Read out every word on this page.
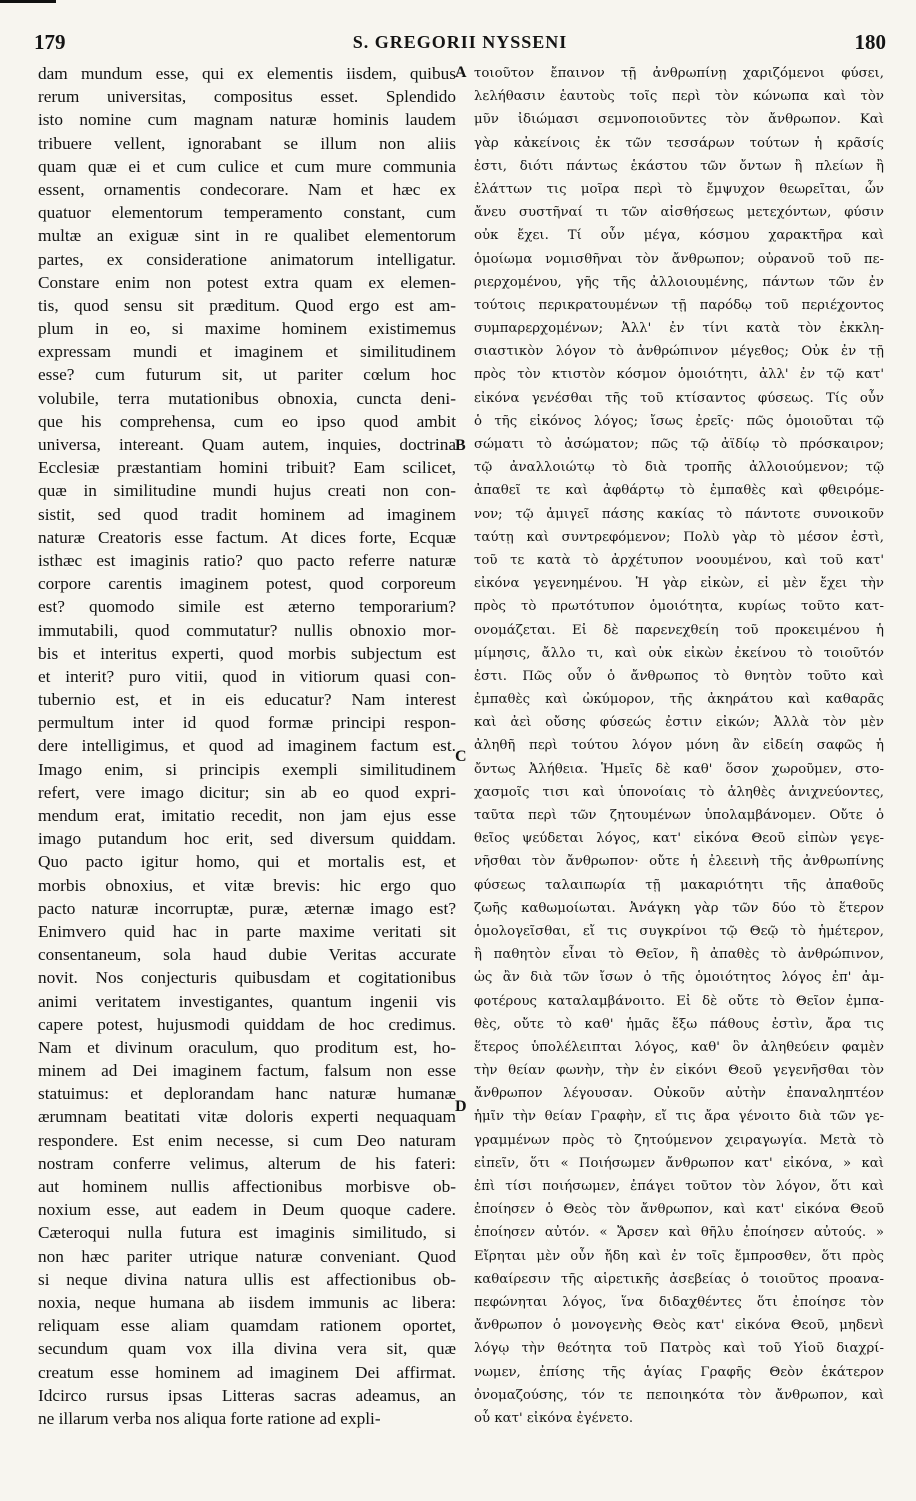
179	S. GREGORII NYSSENI	180
dam mundum esse, qui ex elementis iisdem, quibus
rerum universitas, compositus esset. Splendido
isto nomine cum magnam naturæ hominis laudem
tribuere vellent, ignorabant se illum non aliis
quam quæ ei et cum culice et cum mure communia
essent, ornamentis condecorare. Nam et hæc ex
quatuor elementorum temperamento constant, cum
multæ an exiguæ sint in re qualibet elementorum
partes, ex consideratione animatorum intelligatur.
Constare enim non potest extra quam ex elemen-
tis, quod sensu sit præditum. Quod ergo est am-
plum in eo, si maxime hominem existimemus
expressam mundi et imaginem et similitudinem
esse? cum futurum sit, ut pariter cœlum hoc
volubile, terra mutationibus obnoxia, cuncta deni-
que his comprehensa, cum eo ipso quod ambit
universa, intereant. Quam autem, inquies, doctrina
Ecclesiæ præstantiam homini tribuit? Eam scilicet,
quæ in similitudine mundi hujus creati non con-
sistit, sed quod tradit hominem ad imaginem
naturæ Creatoris esse factum. At dices forte, Ecquæ
isthæc est imaginis ratio? quo pacto referre naturæ
corpore carentis imaginem potest, quod corporeum
est? quomodo simile est æterno temporarium?
immutabili, quod commutatur? nullis obnoxio mor-
bis et interitus experti, quod morbis subjectum est
et interit? puro vitii, quod in vitiorum quasi con-
tubernio est, et in eis educatur? Nam interest
permultum inter id quod formæ principi respon-
dere intelligimus, et quod ad imaginem factum est.
Imago enim, si principis exempli similitudinem
refert, vere imago dicitur; sin ab eo quod expri-
mendum erat, imitatio recedit, non jam ejus esse
imago putandum hoc erit, sed diversum quiddam.
Quo pacto igitur homo, qui et mortalis est, et
morbis obnoxius, et vitæ brevis: hic ergo quo
pacto naturæ incorruptæ, puræ, æternæ imago est?
Enimvero quid hac in parte maxime veritati sit
consentaneum, sola haud dubie Veritas accurate
novit. Nos conjecturis quibusdam et cogitationibus
animi veritatem investigantes, quantum ingenii vis
capere potest, hujusmodi quiddam de hoc credimus.
Nam et divinum oraculum, quo proditum est, ho-
minem ad Dei imaginem factum, falsum non esse
statuimus: et deplorandam hanc naturæ humanæ
ærumnam beatitati vitæ doloris experti nequaquam
respondere. Est enim necesse, si cum Deo naturam
nostram conferre velimus, alterum de his fateri:
aut hominem nullis affectionibus morbisve ob-
noxium esse, aut eadem in Deum quoque cadere.
Cæteroqui nulla futura est imaginis similitudo, si
non hæc pariter utrique naturæ conveniant. Quod
si neque divina natura ullis est affectionibus ob-
noxia, neque humana ab iisdem immunis ac libera:
reliquam esse aliam quamdam rationem oportet,
secundum quam vox illa divina vera sit, quæ
creatum esse hominem ad imaginem Dei affirmat.
Idcirco rursus ipsas Litteras sacras adeamus, an
ne illarum verba nos aliqua forte ratione ad expli-
τοιοῦτον ἔπαινον τῇ ἀνθρωπίνῃ χαριζόμενοι φύσει,
λελήθασιν ἑαυτοὺς τοῖς περὶ τὸν κώνωπα καὶ τὸν
μῦν ἰδιώμασι σεμνοποιοῦντες τὸν ἄνθρωπον. Καὶ
γὰρ κἀκείνοις ἐκ τῶν τεσσάρων τούτων ἡ κρᾶσίς
ἐστι, διότι πάντως ἑκάστου τῶν ὄντων ἢ πλείων ἢ
ἐλάττων τις μοῖρα περὶ τὸ ἔμψυχον θεωρεῖται, ὧν
ἄνευ συστῆναί τι τῶν αἰσθήσεως μετεχόντων, φύσιν
οὐκ ἔχει. Τί οὖν μέγα, κόσμου χαρακτῆρα καὶ
ὁμοίωμα νομισθῆναι τὸν ἄνθρωπον; οὐρανοῦ τοῦ πε-
ριερχομένου, γῆς τῆς ἀλλοιουμένης, πάντων τῶν ἐν
τούτοις περικρατουμένων τῇ παρόδῳ τοῦ περιέχοντος
συμπαρερχομένων; Ἀλλ' ἐν τίνι κατὰ τὸν ἐκκλη-
σιαστικὸν λόγον τὸ ἀνθρώπινον μέγεθος; Οὐκ ἐν τῇ
πρὸς τὸν κτιστὸν κόσμον ὁμοιότητι, ἀλλ' ἐν τῷ κατ'
εἰκόνα γενέσθαι τῆς τοῦ κτίσαντος φύσεως. Τίς οὖν
ὁ τῆς εἰκόνος λόγος; ἴσως ἐρεῖς· πῶς ὁμοιοῦται τῷ
σώματι τὸ ἀσώματον; πῶς τῷ ἀϊδίῳ τὸ πρόσκαιρον;
τῷ ἀναλλοιώτῳ τὸ διὰ τροπῆς ἀλλοιούμενον; τῷ
ἀπαθεῖ τε καὶ ἀφθάρτῳ τὸ ἐμπαθὲς καὶ φθειρόμε-
νον; τῷ ἀμιγεῖ πάσης κακίας τὸ πάντοτε συνοικοῦν
ταύτῃ καὶ συντρεφόμενον; Πολὺ γὰρ τὸ μέσον ἐστὶ,
τοῦ τε κατὰ τὸ ἀρχέτυπον νοουμένου, καὶ τοῦ κατ'
εἰκόνα γεγενημένου. Ἡ γὰρ εἰκὼν, εἰ μὲν ἔχει τὴν
πρὸς τὸ πρωτότυπον ὁμοιότητα, κυρίως τοῦτο κατ-
ονομάζεται. Εἰ δὲ παρενεχθείη τοῦ προκειμένου ἡ
μίμησις, ἄλλο τι, καὶ οὐκ εἰκὼν ἐκείνου τὸ τοιοῦτόν
ἐστι. Πῶς οὖν ὁ ἄνθρωπος τὸ θνητὸν τοῦτο καὶ
ἐμπαθὲς καὶ ὠκύμορον, τῆς ἀκηράτου καὶ καθαρᾶς
καὶ ἀεὶ οὔσης φύσεώς ἐστιν εἰκών; Ἀλλὰ τὸν μὲν
ἀληθῆ περὶ τούτου λόγον μόνη ἂν εἰδείη σαφῶς ἡ
ὄντως Ἀλήθεια. Ἡμεῖς δὲ καθ' ὅσον χωροῦμεν, στο-
χασμοῖς τισι καὶ ὑπονοίαις τὸ ἀληθὲς ἀνιχνεύοντες,
ταῦτα περὶ τῶν ζητουμένων ὑπολαμβάνομεν. Οὔτε ὁ
θεῖος ψεύδεται λόγος, κατ' εἰκόνα Θεοῦ εἰπὼν γεγε-
νῆσθαι τὸν ἄνθρωπον· οὔτε ἡ ἐλεεινὴ τῆς ἀνθρωπίνης
φύσεως ταλαιπωρία τῇ μακαριότητι τῆς ἀπαθοῦς
ζωῆς καθωμοίωται. Ἀνάγκη γὰρ τῶν δύο τὸ ἕτερον
ὁμολογεῖσθαι, εἴ τις συγκρίνοι τῷ Θεῷ τὸ ἡμέτερον,
ἢ παθητὸν εἶναι τὸ Θεῖον, ἢ ἀπαθὲς τὸ ἀνθρώπινον,
ὡς ἂν διὰ τῶν ἴσων ὁ τῆς ὁμοιότητος λόγος ἐπ' ἀμ-
φοτέρους καταλαμβάνοιτο. Εἰ δὲ οὔτε τὸ Θεῖον ἐμπα-
θὲς, οὔτε τὸ καθ' ἡμᾶς ἔξω πάθους ἐστὶν, ἄρα τις
ἕτερος ὑπολέλειπται λόγος, καθ' ὃν ἀληθεύειν φαμὲν
τὴν θείαν φωνὴν, τὴν ἐν εἰκόνι Θεοῦ γεγενῆσθαι τὸν
ἄνθρωπον λέγουσαν. Οὐκοῦν αὐτὴν ἐπαναληπτέον
ἡμῖν τὴν θείαν Γραφὴν, εἴ τις ἄρα γένοιτο διὰ τῶν γε-
γραμμένων πρὸς τὸ ζητούμενον χειραγωγία. Μετὰ τὸ
εἰπεῖν, ὅτι « Ποιήσωμεν ἄνθρωπον κατ' εἰκόνα, » καὶ
ἐπὶ τίσι ποιήσωμεν, ἐπάγει τοῦτον τὸν λόγον, ὅτι καὶ
ἐποίησεν ὁ Θεὸς τὸν ἄνθρωπον, καὶ κατ' εἰκόνα Θεοῦ
ἐποίησεν αὐτόν. « Ἄρσεν καὶ θῆλυ ἐποίησεν αὐτούς. »
Εἴρηται μὲν οὖν ἤδη καὶ ἐν τοῖς ἔμπροσθεν, ὅτι πρὸς
καθαίρεσιν τῆς αἱρετικῆς ἀσεβείας ὁ τοιοῦτος προανα-
πεφώνηται λόγος, ἵνα διδαχθέντες ὅτι ἐποίησε τὸν
ἄνθρωπον ὁ μονογενὴς Θεὸς κατ' εἰκόνα Θεοῦ, μηδενὶ
λόγῳ τὴν θεότητα τοῦ Πατρὸς καὶ τοῦ Υἱοῦ διαχρί-
νωμεν, ἐπίσης τῆς ἁγίας Γραφῆς Θεὸν ἑκάτερον
ὀνομαζούσης, τόν τε πεποιηκότα τὸν ἄνθρωπον, καὶ
οὗ κατ' εἰκόνα ἐγένετο.
A
B
C
D
